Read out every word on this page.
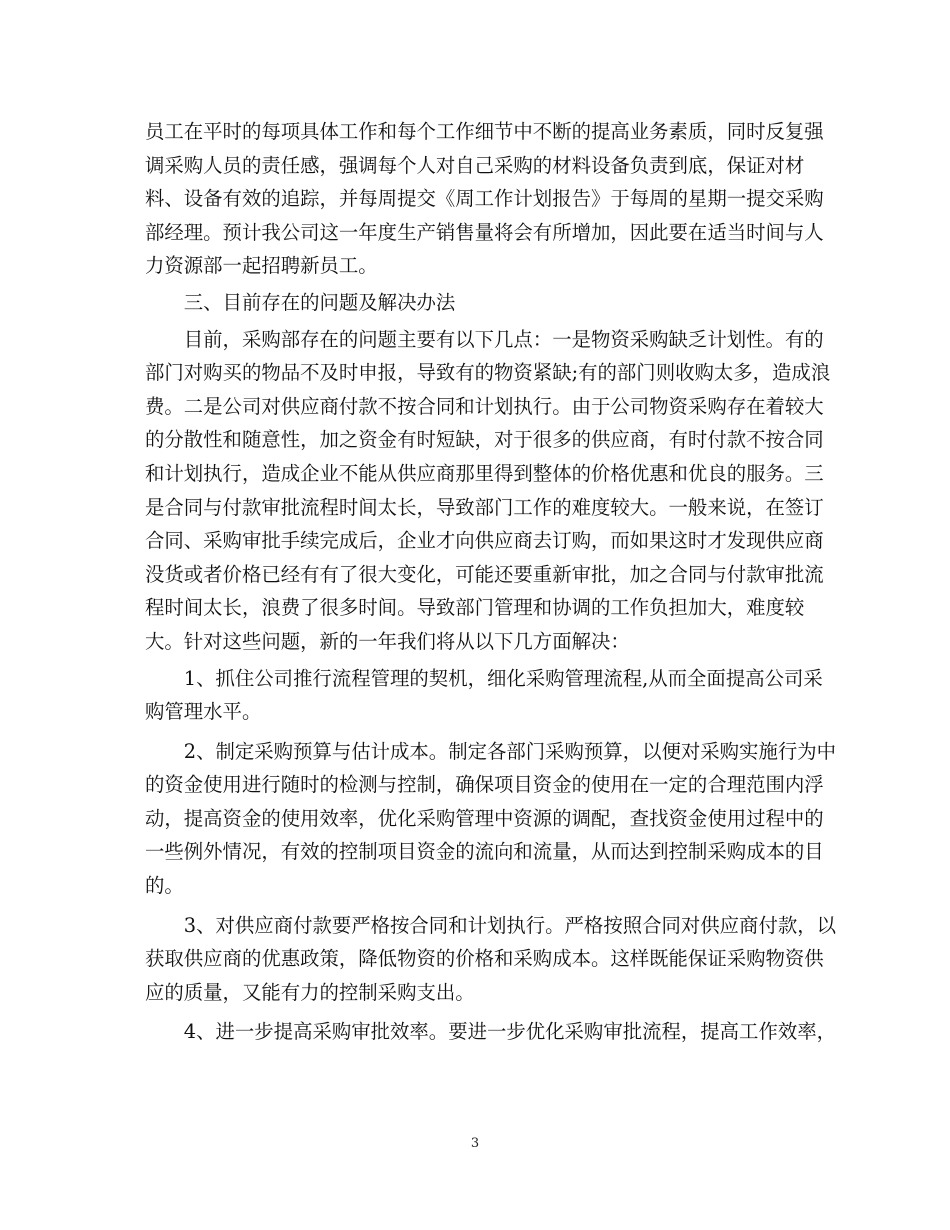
员工在平时的每项具体工作和每个工作细节中不断的提高业务素质，同时反复强
调采购人员的责任感，强调每个人对自己采购的材料设备负责到底，保证对材
料、设备有效的追踪，并每周提交《周工作计划报告》于每周的星期一提交采购
部经理。预计我公司这一年度生产销售量将会有所增加，因此要在适当时间与人
力资源部一起招聘新员工。
　　三、目前存在的问题及解决办法
　　目前，采购部存在的问题主要有以下几点：一是物资采购缺乏计划性。有的
部门对购买的物品不及时申报，导致有的物资紧缺;有的部门则收购太多，造成浪
费。二是公司对供应商付款不按合同和计划执行。由于公司物资采购存在着较大
的分散性和随意性，加之资金有时短缺，对于很多的供应商，有时付款不按合同
和计划执行，造成企业不能从供应商那里得到整体的价格优惠和优良的服务。三
是合同与付款审批流程时间太长，导致部门工作的难度较大。一般来说，在签订
合同、采购审批手续完成后，企业才向供应商去订购，而如果这时才发现供应商
没货或者价格已经有有了很大变化，可能还要重新审批，加之合同与付款审批流
程时间太长，浪费了很多时间。导致部门管理和协调的工作负担加大，难度较
大。针对这些问题，新的一年我们将从以下几方面解决：
　　1、抓住公司推行流程管理的契机，细化采购管理流程,从而全面提高公司采
购管理水平。
　　2、制定采购预算与估计成本。制定各部门采购预算，以便对采购实施行为中
的资金使用进行随时的检测与控制，确保项目资金的使用在一定的合理范围内浮
动，提高资金的使用效率，优化采购管理中资源的调配，查找资金使用过程中的
一些例外情况，有效的控制项目资金的流向和流量，从而达到控制采购成本的目
的。
　　3、对供应商付款要严格按合同和计划执行。严格按照合同对供应商付款，以
获取供应商的优惠政策，降低物资的价格和采购成本。这样既能保证采购物资供
应的质量，又能有力的控制采购支出。
　　4、进一步提高采购审批效率。要进一步优化采购审批流程，提高工作效率，
3
